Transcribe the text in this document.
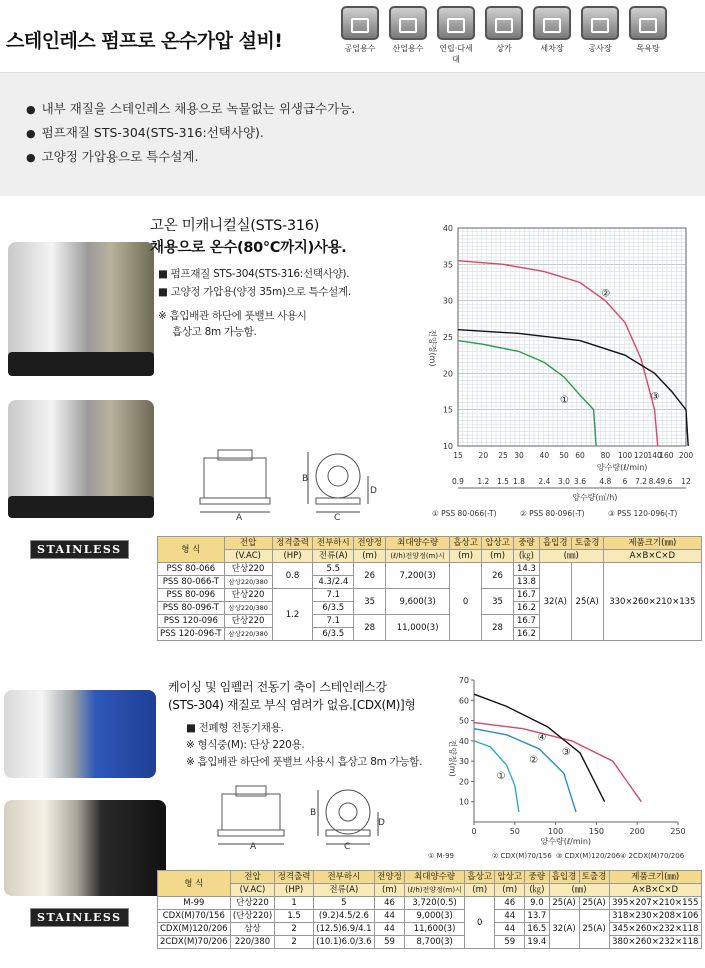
스테인레스 펌프로 온수가압 설비!	공업용수	산업용수	연립·다세대
상가	세차장	공사장	목욕탕
● 내부 재질을 스테인레스 채용으로 녹물없는 위생급수가능.
● 펌프재질 STS-304(STS-316:선택사양).
● 고양정 가압용으로 특수설계.
고온 미캐니컬실(STS-316)
채용으로 온수(80℃까지)사용.
■ 펌프재질 STS-304(STS-316:선택사양).
■ 고양정 가압용(양정 35m)으로 특수설계.
※ 흡입배관 하단에 풋밸브 사용시
흡상고 8m 가능함.
A	C
B
D
10
15
20
25
30
35
40
15 20 25 30 40 50 60 80 100 120 140
160 200
양수량(ℓ/min)
0.9 1.2 1.5 1.8 2.4 3.0 3.6 4.8 6 7.2 8.4 9.6 12
양수량(㎥/h)
전양정(m)
①
②
③
① PSS 80-066(-T)	② PSS 80-096(-T)	③ PSS 120-096(-T)
STAINLESS	형 식	전압	정격출력	전부하시	전양정	최대양수량	흡상고	압상고	중량	흡입경	토출경	제품크기(㎜)
	(V.AC)	(HP)	전류(A)	(m)	(ℓ/h)전양정(m)시	(m)	(m)	(㎏)	(㎜)		A×B×C×D
PSS 80-066	단상220	0.8	5.5	26	7,200(3)	0	26	14.3	32(A)	25(A)	330×260×210×135
PSS 80-066-T	삼상220/380		4.3/2.4					13.8			
PSS 80-096	단상220	1.2	7.1	35	9,600(3)		35	16.7			
PSS 80-096-T	삼상220/380		6/3.5					16.2			
PSS 120-096	단상220		7.1	28	11,000(3)		28	16.7			
PSS 120-096-T	삼상220/380		6/3.5					16.2			
케이싱 및 임펠러 전동기 축이 스테인레스강
(STS-304) 재질로 부식 염려가 없음.[CDX(M)]형
■ 전폐형 전동기채용.
※ 형식중(M): 단상 220용.
※ 흡입배관 하단에 풋밸브 사용시 흡상고 8m 가능함.
A	C
B
D
10
20
30
40
50
60
70
0	50	100	150	200	250
양수량(ℓ/min)
전양정(m)	①
②
③
④
① M-99	② CDX(M)70/156 ③ CDX(M)120/206 ④ 2CDX(M)70/206
STAINLESS
형 식	전압	정격출력	전부하시	전양정	최대양수량	흡상고	압상고	중량	흡입경	토출경	제품크기(㎜)
	(V.AC)	(HP)	전류(A)	(m)	(ℓ/h)전양정(m)시	(m)	(m)	(㎏)	(㎜)		A×B×C×D
M-99	단상220	1	5	46	3,720(0.5)	0	46	9.0	25(A)	25(A)	395×207×210×155
CDX(M)70/156	(단상220)	1.5	(9.2)4.5/2.6	44	9,000(3)		44	13.7	32(A)	25(A)	318×230×208×106
CDX(M)120/206	삼상	2	(12.5)6.9/4.1	44	11,600(3)		44	16.5			345×260×232×118
2CDX(M)70/206	220/380	2	(10.1)6.0/3.6	59	8,700(3)		59	19.4			380×260×232×118
